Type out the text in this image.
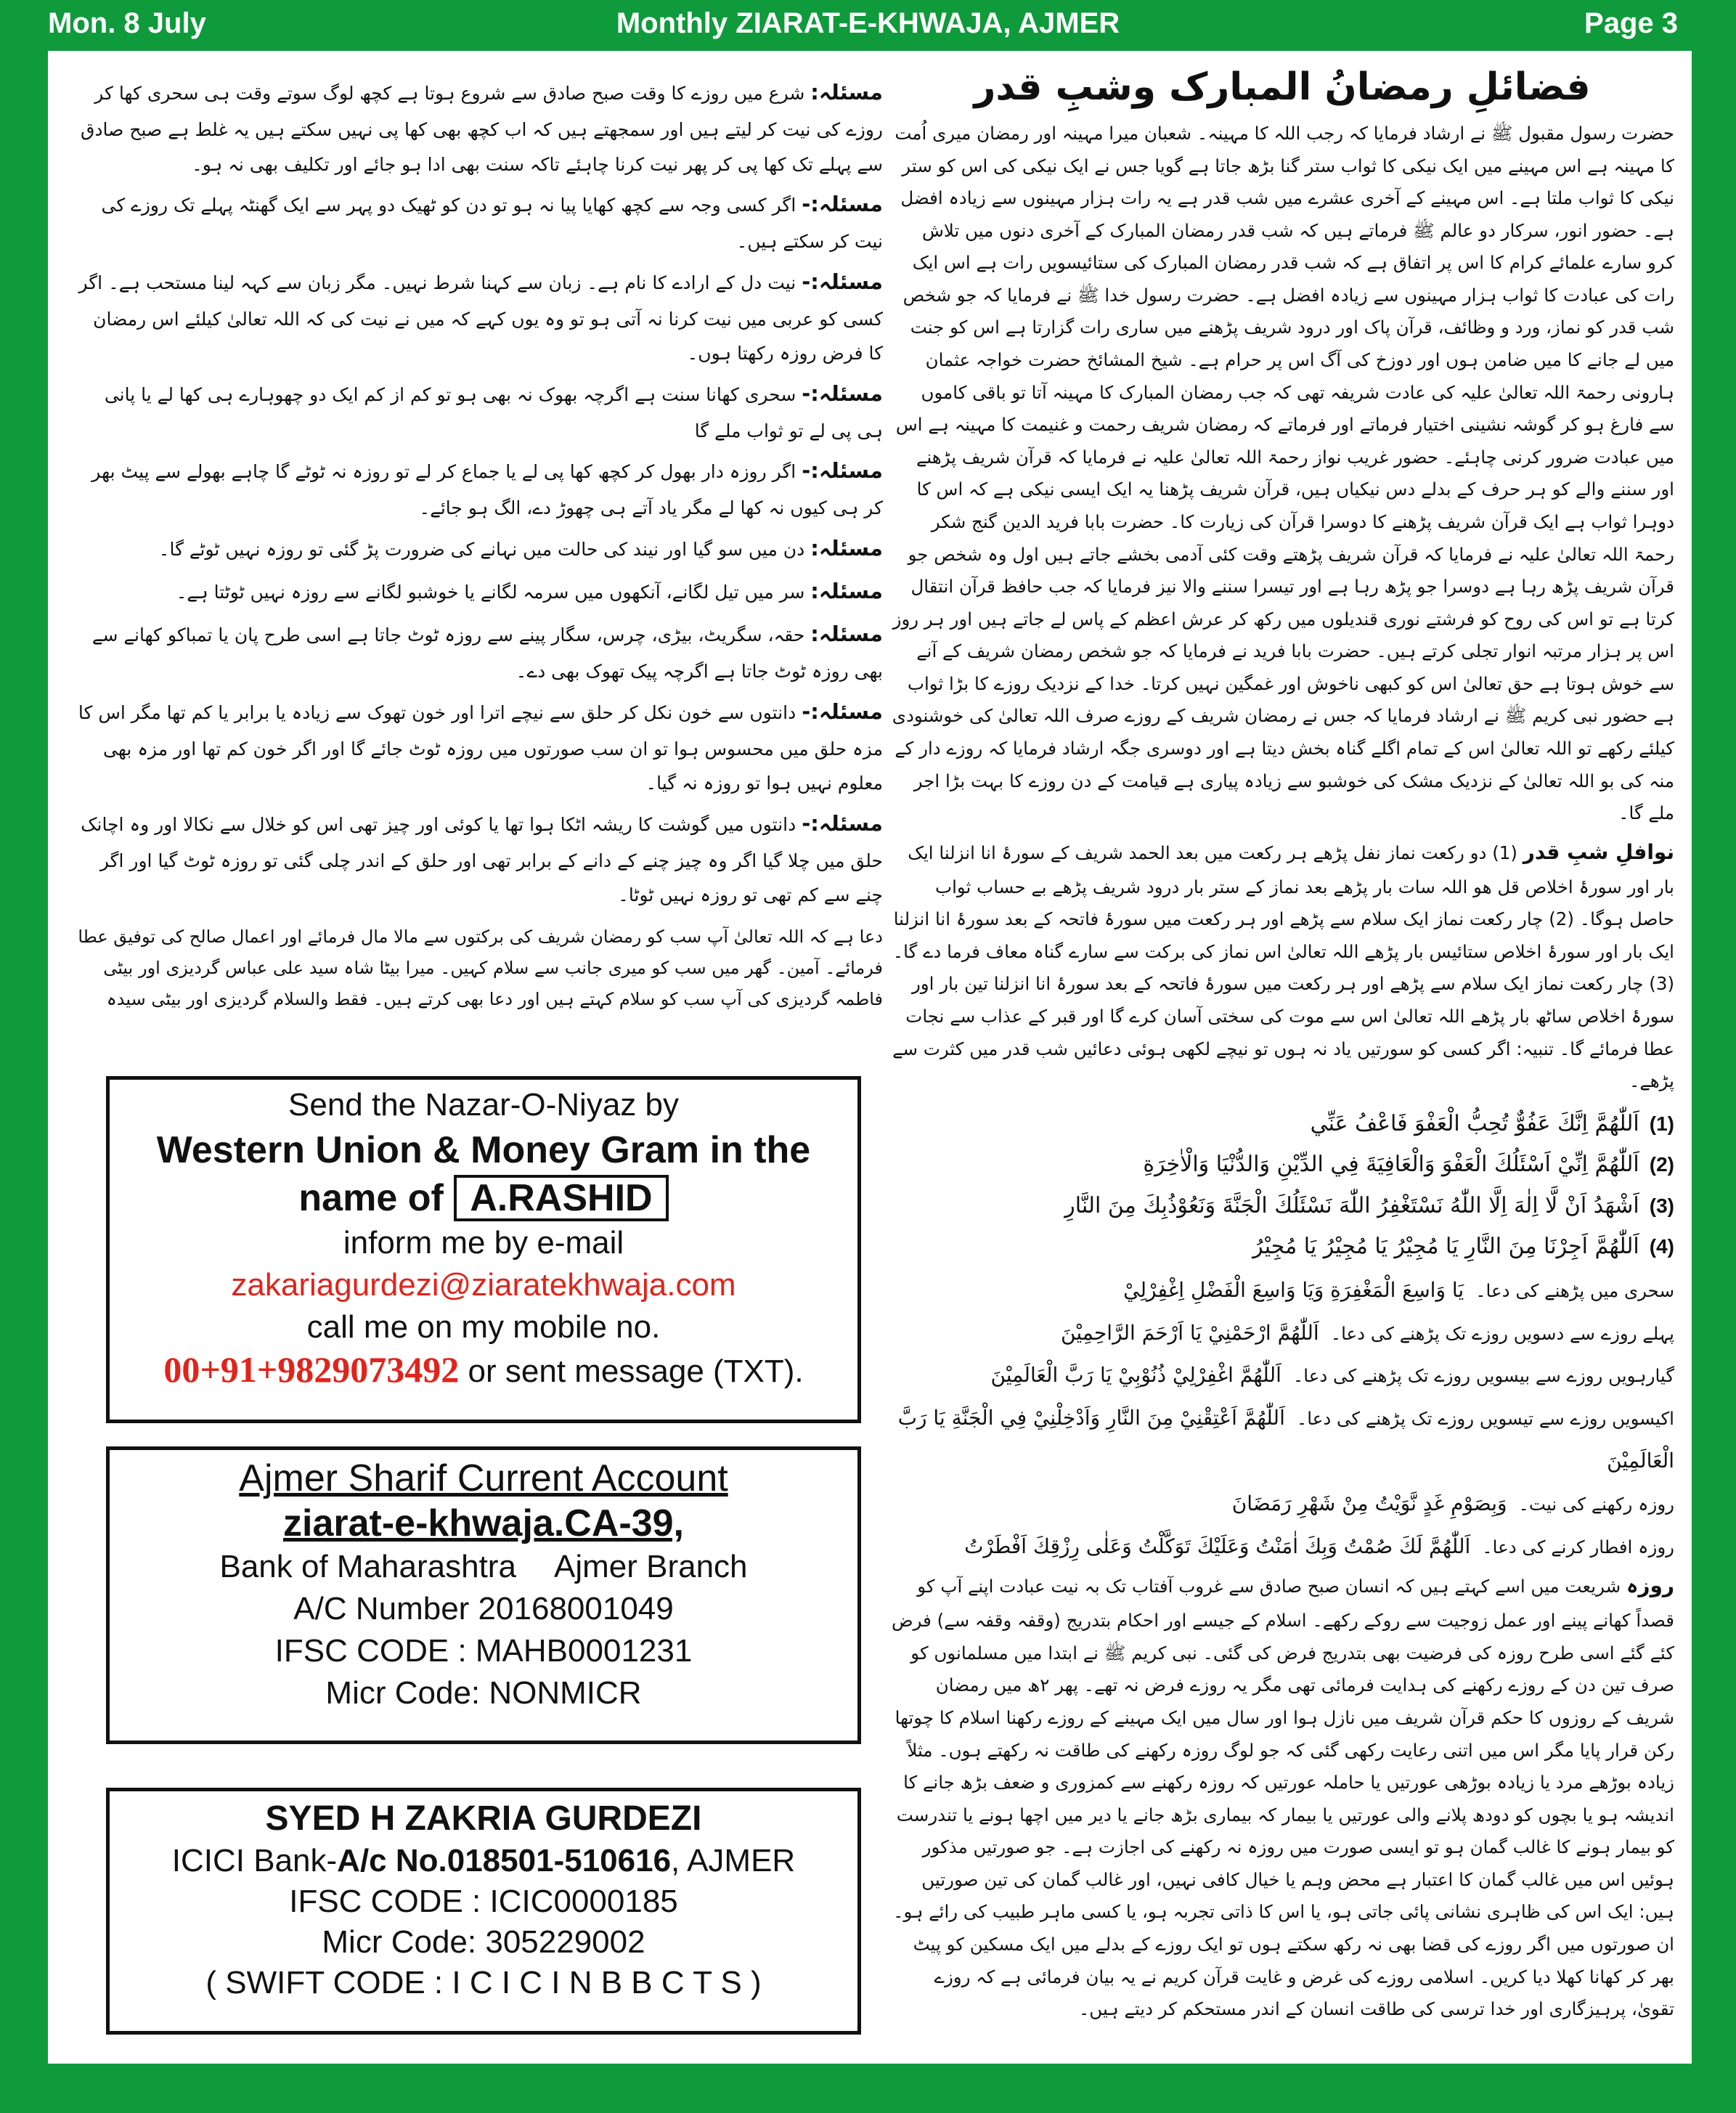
Mon. 8 July	Monthly ZIARAT-E-KHWAJA, AJMER	Page 3

مسئلہ: شرع میں روزے کا وقت صبح صادق سے شروع ہوتا ہے کچھ لوگ سوتے وقت ہی سحری کھا کر روزے کی نیت کر لیتے ہیں اور سمجھتے ہیں کہ اب کچھ بھی کھا پی نہیں سکتے ہیں یہ غلط ہے صبح صادق سے پہلے تک کھا پی کر پھر نیت کرنا چاہئے تاکہ سنت بھی ادا ہو جائے اور تکلیف بھی نہ ہو۔

مسئلہ:- اگر کسی وجہ سے کچھ کھایا پیا نہ ہو تو دن کو ٹھیک دو پہر سے ایک گھنٹہ پہلے تک روزے کی نیت کر سکتے ہیں۔

مسئلہ:- نیت دل کے ارادے کا نام ہے۔ زبان سے کہنا شرط نہیں۔ مگر زبان سے کہہ لینا مستحب ہے۔ اگر کسی کو عربی میں نیت کرنا نہ آتی ہو تو وہ یوں کہے کہ میں نے نیت کی کہ اللہ تعالیٰ کیلئے اس رمضان کا فرض روزہ رکھتا ہوں۔

مسئلہ:- سحری کھانا سنت ہے اگرچہ بھوک نہ بھی ہو تو کم از کم ایک دو چھوہارے ہی کھا لے یا پانی ہی پی لے تو ثواب ملے گا

مسئلہ:- اگر روزہ دار بھول کر کچھ کھا پی لے یا جماع کر لے تو روزہ نہ ٹوٹے گا چاہے بھولے سے پیٹ بھر کر ہی کیوں نہ کھا لے مگر یاد آتے ہی چھوڑ دے، الگ ہو جائے۔

مسئلہ: دن میں سو گیا اور نیند کی حالت میں نہانے کی ضرورت پڑ گئی تو روزہ نہیں ٹوٹے گا۔

مسئلہ: سر میں تیل لگانے، آنکھوں میں سرمہ لگانے یا خوشبو لگانے سے روزہ نہیں ٹوٹتا ہے۔

مسئلہ: حقہ، سگریٹ، بیڑی، چرس، سگار پینے سے روزہ ٹوٹ جاتا ہے اسی طرح پان یا تمباکو کھانے سے بھی روزہ ٹوٹ جاتا ہے اگرچہ پیک تھوک بھی دے۔

مسئلہ:- دانتوں سے خون نکل کر حلق سے نیچے اترا اور خون تھوک سے زیادہ یا برابر یا کم تھا مگر اس کا مزہ حلق میں محسوس ہوا تو ان سب صورتوں میں روزہ ٹوٹ جائے گا اور اگر خون کم تھا اور مزہ بھی معلوم نہیں ہوا تو روزہ نہ گیا۔

مسئلہ:- دانتوں میں گوشت کا ریشہ اٹکا ہوا تھا یا کوئی اور چیز تھی اس کو خلال سے نکالا اور وہ اچانک حلق میں چلا گیا اگر وہ چیز چنے کے دانے کے برابر تھی اور حلق کے اندر چلی گئی تو روزہ ٹوٹ گیا اور اگر چنے سے کم تھی تو روزہ نہیں ٹوٹا۔

دعا ہے کہ اللہ تعالیٰ آپ سب کو رمضان شریف کی برکتوں سے مالا مال فرمائے اور اعمال صالح کی توفیق عطا فرمائے۔ آمین۔ گھر میں سب کو میری جانب سے سلام کہیں۔ میرا بیٹا شاہ سید علی عباس گردیزی اور بیٹی فاطمہ گردیزی کی آپ سب کو سلام کہتے ہیں اور دعا بھی کرتے ہیں۔ فقط والسلام گردیزی اور بیٹی سیدہ
Send the Nazar-O-Niyaz by
Western Union & Money Gram in the
name of A.RASHID
inform me by e-mail
zakariagurdezi@ziaratekhwaja.com
call me on my mobile no.
00+91+9829073492 or sent message (TXT).
Ajmer Sharif Current Account
ziarat-e-khwaja.CA-39,
Bank of Maharashtra Ajmer Branch
A/C Number 20168001049
IFSC CODE : MAHB0001231
Micr Code: NONMICR
SYED H ZAKRIA GURDEZI
ICICI Bank-A/c No.018501-510616, AJMER
IFSC CODE : ICIC0000185
Micr Code: 305229002
( SWIFT CODE : I C I C I N B B C T S )
فضائلِ رمضانُ المبارک وشبِ قدر

حضرت رسول مقبول ﷺ نے ارشاد فرمایا کہ رجب اللہ کا مہینہ۔ شعبان میرا مہینہ اور رمضان میری اُمت کا مہینہ ہے اس مہینے میں ایک نیکی کا ثواب ستر گنا بڑھ جاتا ہے گویا جس نے ایک نیکی کی اس کو ستر نیکی کا ثواب ملتا ہے۔ اس مہینے کے آخری عشرے میں شب قدر ہے یہ رات ہزار مہینوں سے زیادہ افضل ہے۔ حضور انور، سرکار دو عالم ﷺ فرماتے ہیں کہ شب قدر رمضان المبارک کے آخری دنوں میں تلاش کرو سارے علمائے کرام کا اس پر اتفاق ہے کہ شب قدر رمضان المبارک کی ستائیسویں رات ہے اس ایک رات کی عبادت کا ثواب ہزار مہینوں سے زیادہ افضل ہے۔ حضرت رسول خدا ﷺ نے فرمایا کہ جو شخص شب قدر کو نماز، ورد و وظائف، قرآن پاک اور درود شریف پڑھنے میں ساری رات گزارتا ہے اس کو جنت میں لے جانے کا میں ضامن ہوں اور دوزخ کی آگ اس پر حرام ہے۔ شیخ المشائخ حضرت خواجہ عثمان ہارونی رحمۃ اللہ تعالیٰ علیہ کی عادت شریفہ تھی کہ جب رمضان المبارک کا مہینہ آتا تو باقی کاموں سے فارغ ہو کر گوشہ نشینی اختیار فرماتے اور فرماتے کہ رمضان شریف رحمت و غنیمت کا مہینہ ہے اس میں عبادت ضرور کرنی چاہئے۔ حضور غریب نواز رحمۃ اللہ تعالیٰ علیہ نے فرمایا کہ قرآن شریف پڑھنے اور سننے والے کو ہر حرف کے بدلے دس نیکیاں ہیں، قرآن شریف پڑھنا یہ ایک ایسی نیکی ہے کہ اس کا دوہرا ثواب ہے ایک قرآن شریف پڑھنے کا دوسرا قرآن کی زیارت کا۔ حضرت بابا فرید الدین گنج شکر رحمۃ اللہ تعالیٰ علیہ نے فرمایا کہ قرآن شریف پڑھتے وقت کئی آدمی بخشے جاتے ہیں اول وہ شخص جو قرآن شریف پڑھ رہا ہے دوسرا جو پڑھ رہا ہے اور تیسرا سننے والا نیز فرمایا کہ جب حافظ قرآن انتقال کرتا ہے تو اس کی روح کو فرشتے نوری قندیلوں میں رکھ کر عرش اعظم کے پاس لے جاتے ہیں اور ہر روز اس پر ہزار مرتبہ انوار تجلی کرتے ہیں۔ حضرت بابا فرید نے فرمایا کہ جو شخص رمضان شریف کے آنے سے خوش ہوتا ہے حق تعالیٰ اس کو کبھی ناخوش اور غمگین نہیں کرتا۔ خدا کے نزدیک روزے کا بڑا ثواب ہے حضور نبی کریم ﷺ نے ارشاد فرمایا کہ جس نے رمضان شریف کے روزے صرف اللہ تعالیٰ کی خوشنودی کیلئے رکھے تو اللہ تعالیٰ اس کے تمام اگلے گناہ بخش دیتا ہے اور دوسری جگہ ارشاد فرمایا کہ روزے دار کے منہ کی بو اللہ تعالیٰ کے نزدیک مشک کی خوشبو سے زیادہ پیاری ہے قیامت کے دن روزے کا بہت بڑا اجر ملے گا۔

نوافلِ شبِ قدر (1) دو رکعت نماز نفل پڑھے ہر رکعت میں بعد الحمد شریف کے سورۂ انا انزلنا ایک بار اور سورۂ اخلاص قل ھو اللہ سات بار پڑھے بعد نماز کے ستر بار درود شریف پڑھے بے حساب ثواب حاصل ہوگا۔ (2) چار رکعت نماز ایک سلام سے پڑھے اور ہر رکعت میں سورۂ فاتحہ کے بعد سورۂ انا انزلنا ایک بار اور سورۂ اخلاص ستائیس بار پڑھے اللہ تعالیٰ اس نماز کی برکت سے سارے گناہ معاف فرما دے گا۔ (3) چار رکعت نماز ایک سلام سے پڑھے اور ہر رکعت میں سورۂ فاتحہ کے بعد سورۂ انا انزلنا تین بار اور سورۂ اخلاص ساٹھ بار پڑھے اللہ تعالیٰ اس سے موت کی سختی آسان کرے گا اور قبر کے عذاب سے نجات عطا فرمائے گا۔ تنبیہ: اگر کسی کو سورتیں یاد نہ ہوں تو نیچے لکھی ہوئی دعائیں شب قدر میں کثرت سے پڑھے۔

(1)اَللّٰهُمَّ اِنَّكَ عَفُوٌّ تُحِبُّ الْعَفْوَ فَاعْفُ عَنِّي
(2)اَللّٰهُمَّ اِنِّيْ اَسْئَلُكَ الْعَفْوَ وَالْعَافِيَةَ فِي الدِّيْنِ وَالدُّنْيَا وَالْاٰخِرَةِ
(3)اَشْهَدُ اَنْ لَّا اِلٰهَ اِلَّا اللّٰهُ نَسْتَغْفِرُ اللّٰهَ نَسْئَلُكَ الْجَنَّةَ وَنَعُوْذُبِكَ مِنَ النَّارِ
(4)اَللّٰهُمَّ اَجِرْنَا مِنَ النَّارِ يَا مُجِيْرُ يَا مُجِيْرُ يَا مُجِيْرُ
سحری میں پڑھنے کی دعا۔يَا وَاسِعَ الْمَغْفِرَةِ وَيَا وَاسِعَ الْفَضْلِ اِغْفِرْلِيْ
پہلے روزے سے دسویں روزے تک پڑھنے کی دعا۔اَللّٰهُمَّ ارْحَمْنِيْ يَا اَرْحَمَ الرَّاحِمِيْنَ
گیارہویں روزے سے بیسویں روزے تک پڑھنے کی دعا۔اَللّٰهُمَّ اغْفِرْلِيْ ذُنُوْبِيْ يَا رَبَّ الْعَالَمِيْنَ
اکیسویں روزے سے تیسویں روزے تک پڑھنے کی دعا۔اَللّٰهُمَّ اَعْتِقْنِيْ مِنَ النَّارِ وَاَدْخِلْنِيْ فِي الْجَنَّةِ يَا رَبَّ الْعَالَمِيْنَ
روزہ رکھنے کی نیت۔وَبِصَوْمِ غَدٍ نَّوَيْتُ مِنْ شَهْرِ رَمَضَانَ
روزہ افطار کرنے کی دعا۔اَللّٰهُمَّ لَكَ صُمْتُ وَبِكَ اٰمَنْتُ وَعَلَيْكَ تَوَكَّلْتُ وَعَلٰى رِزْقِكَ اَفْطَرْتُ

روزہ شریعت میں اسے کہتے ہیں کہ انسان صبح صادق سے غروب آفتاب تک بہ نیت عبادت اپنے آپ کو قصداً کھانے پینے اور عمل زوجیت سے روکے رکھے۔ اسلام کے جیسے اور احکام بتدریج (وقفہ وقفہ سے) فرض کئے گئے اسی طرح روزہ کی فرضیت بھی بتدریج فرض کی گئی۔ نبی کریم ﷺ نے ابتدا میں مسلمانوں کو صرف تین دن کے روزے رکھنے کی ہدایت فرمائی تھی مگر یہ روزے فرض نہ تھے۔ پھر ۲ھ میں رمضان شریف کے روزوں کا حکم قرآن شریف میں نازل ہوا اور سال میں ایک مہینے کے روزے رکھنا اسلام کا چوتھا رکن قرار پایا مگر اس میں اتنی رعایت رکھی گئی کہ جو لوگ روزہ رکھنے کی طاقت نہ رکھتے ہوں۔ مثلاً زیادہ بوڑھے مرد یا زیادہ بوڑھی عورتیں یا حاملہ عورتیں کہ روزہ رکھنے سے کمزوری و ضعف بڑھ جانے کا اندیشہ ہو یا بچوں کو دودھ پلانے والی عورتیں یا بیمار کہ بیماری بڑھ جانے یا دیر میں اچھا ہونے یا تندرست کو بیمار ہونے کا غالب گمان ہو تو ایسی صورت میں روزہ نہ رکھنے کی اجازت ہے۔ جو صورتیں مذکور ہوئیں اس میں غالب گمان کا اعتبار ہے محض وہم یا خیال کافی نہیں، اور غالب گمان کی تین صورتیں ہیں: ایک اس کی ظاہری نشانی پائی جاتی ہو، یا اس کا ذاتی تجربہ ہو، یا کسی ماہر طبیب کی رائے ہو۔ ان صورتوں میں اگر روزے کی قضا بھی نہ رکھ سکتے ہوں تو ایک روزے کے بدلے میں ایک مسکین کو پیٹ بھر کر کھانا کھلا دیا کریں۔ اسلامی روزے کی غرض و غایت قرآن کریم نے یہ بیان فرمائی ہے کہ روزے تقویٰ، پرہیزگاری اور خدا ترسی کی طاقت انسان کے اندر مستحکم کر دیتے ہیں۔
